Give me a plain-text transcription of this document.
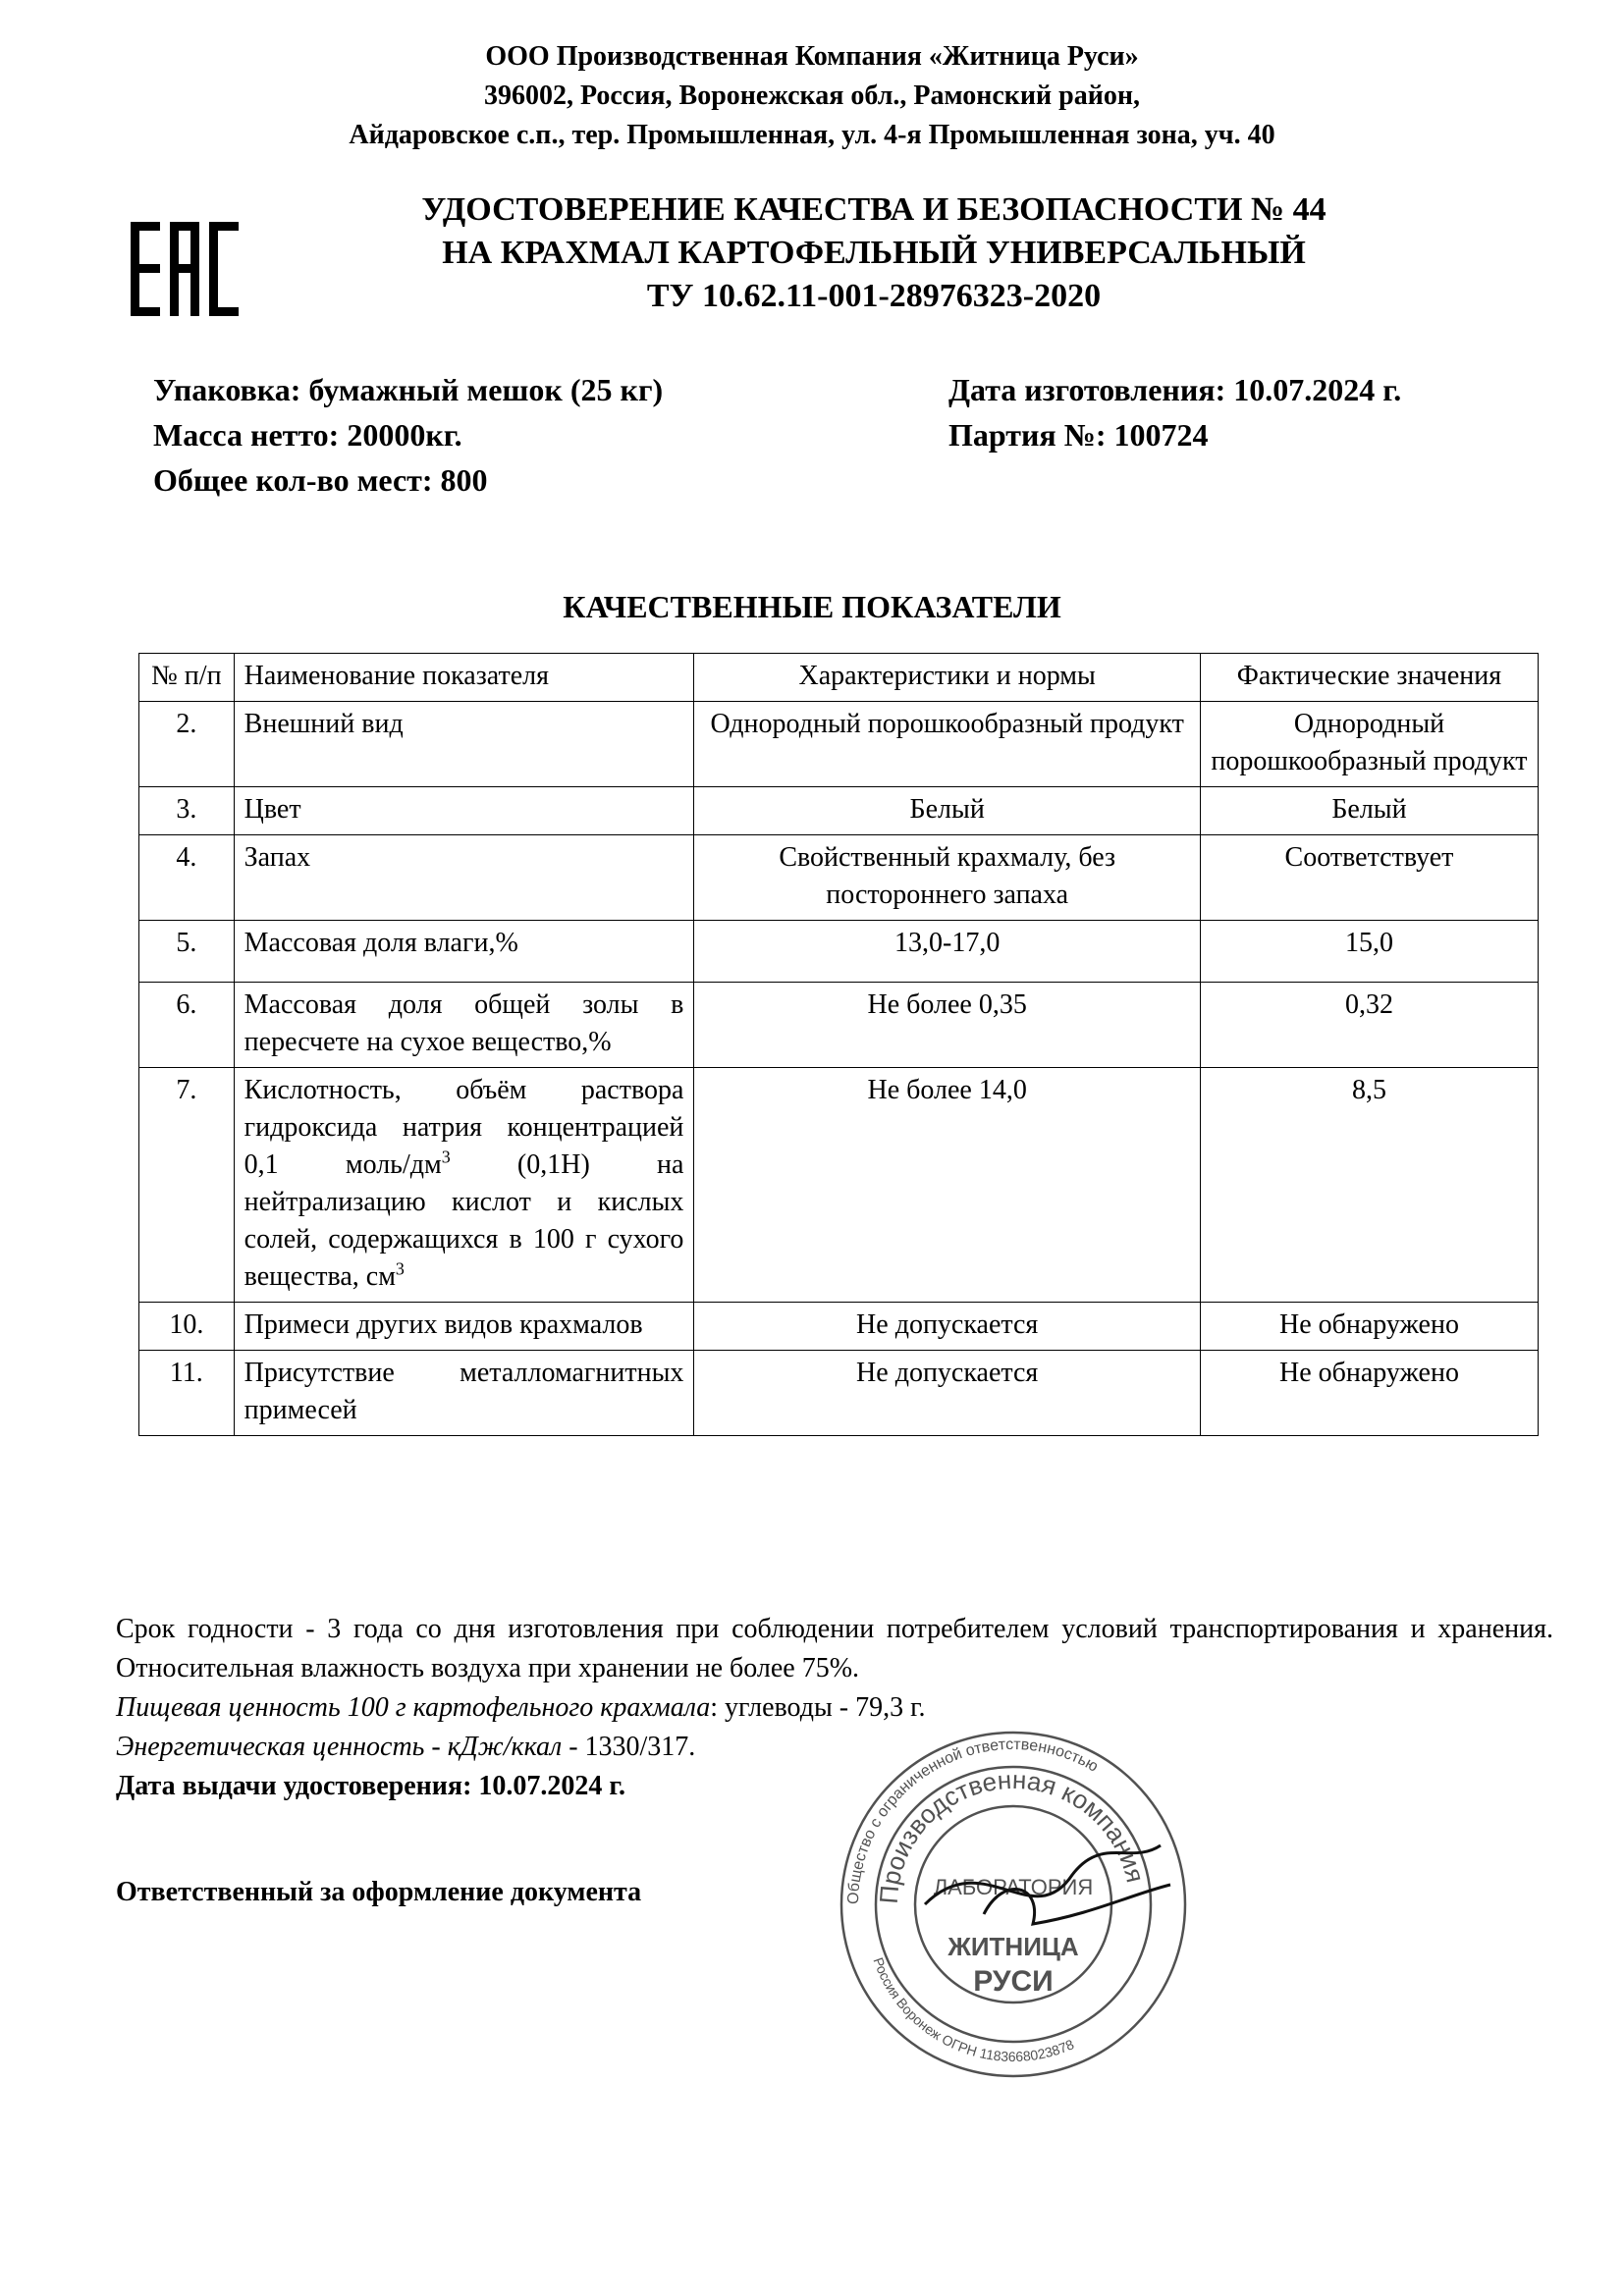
ООО Производственная Компания «Житница Руси»
396002, Россия, Воронежская обл., Рамонский район,
Айдаровское с.п., тер. Промышленная, ул. 4-я Промышленная зона, уч. 40
УДОСТОВЕРЕНИЕ КАЧЕСТВА И БЕЗОПАСНОСТИ № 44
НА КРАХМАЛ КАРТОФЕЛЬНЫЙ УНИВЕРСАЛЬНЫЙ
ТУ 10.62.11-001-28976323-2020
Упаковка: бумажный мешок (25 кг)
Масса нетто: 20000кг.
Общее кол-во мест: 800
Дата изготовления: 10.07.2024 г.
Партия №: 100724
КАЧЕСТВЕННЫЕ ПОКАЗАТЕЛИ
№ п/п	Наименование показателя	Характеристики и нормы	Фактические значения
2.	Внешний вид	Однородный порошкообразный продукт	Однородный порошкообразный продукт
3.	Цвет	Белый	Белый
4.	Запах	Свойственный крахмалу, без постороннего запаха	Соответствует
5.	Массовая доля влаги,%	13,0-17,0	15,0
6.	Массовая доля общей золы в пересчете на сухое вещество,%	Не более 0,35	0,32
7.	Кислотность, объём раствора гидроксида натрия концентрацией 0,1 моль/$дм^3$ (0,1Н) на нейтрализацию кислот и кислых солей, содержащихся в 100 г сухого вещества, $см^3$	Не более 14,0	8,5
10.	Примеси других видов крахмалов	Не допускается	Не обнаружено
11.	Присутствие металломагнитных примесей	Не допускается	Не обнаружено

Срок годности - 3 года со дня изготовления при соблюдении потребителем условий транспортирования и хранения. Относительная влажность воздуха при хранении не более 75%.

Пищевая ценность 100 г картофельного крахмала: углеводы - 79,3 г.

Энергетическая ценность - кДж/ккал - 1330/317.

Дата выдачи удостоверения: 10.07.2024 г.

Ответственный за оформление документа	Общество с ограниченной ответственностью
Производственная компания
Россия Воронеж ОГРН 1183668023878
ЛАБОРАТОРИЯ
ЖИТНИЦА
РУСИ
